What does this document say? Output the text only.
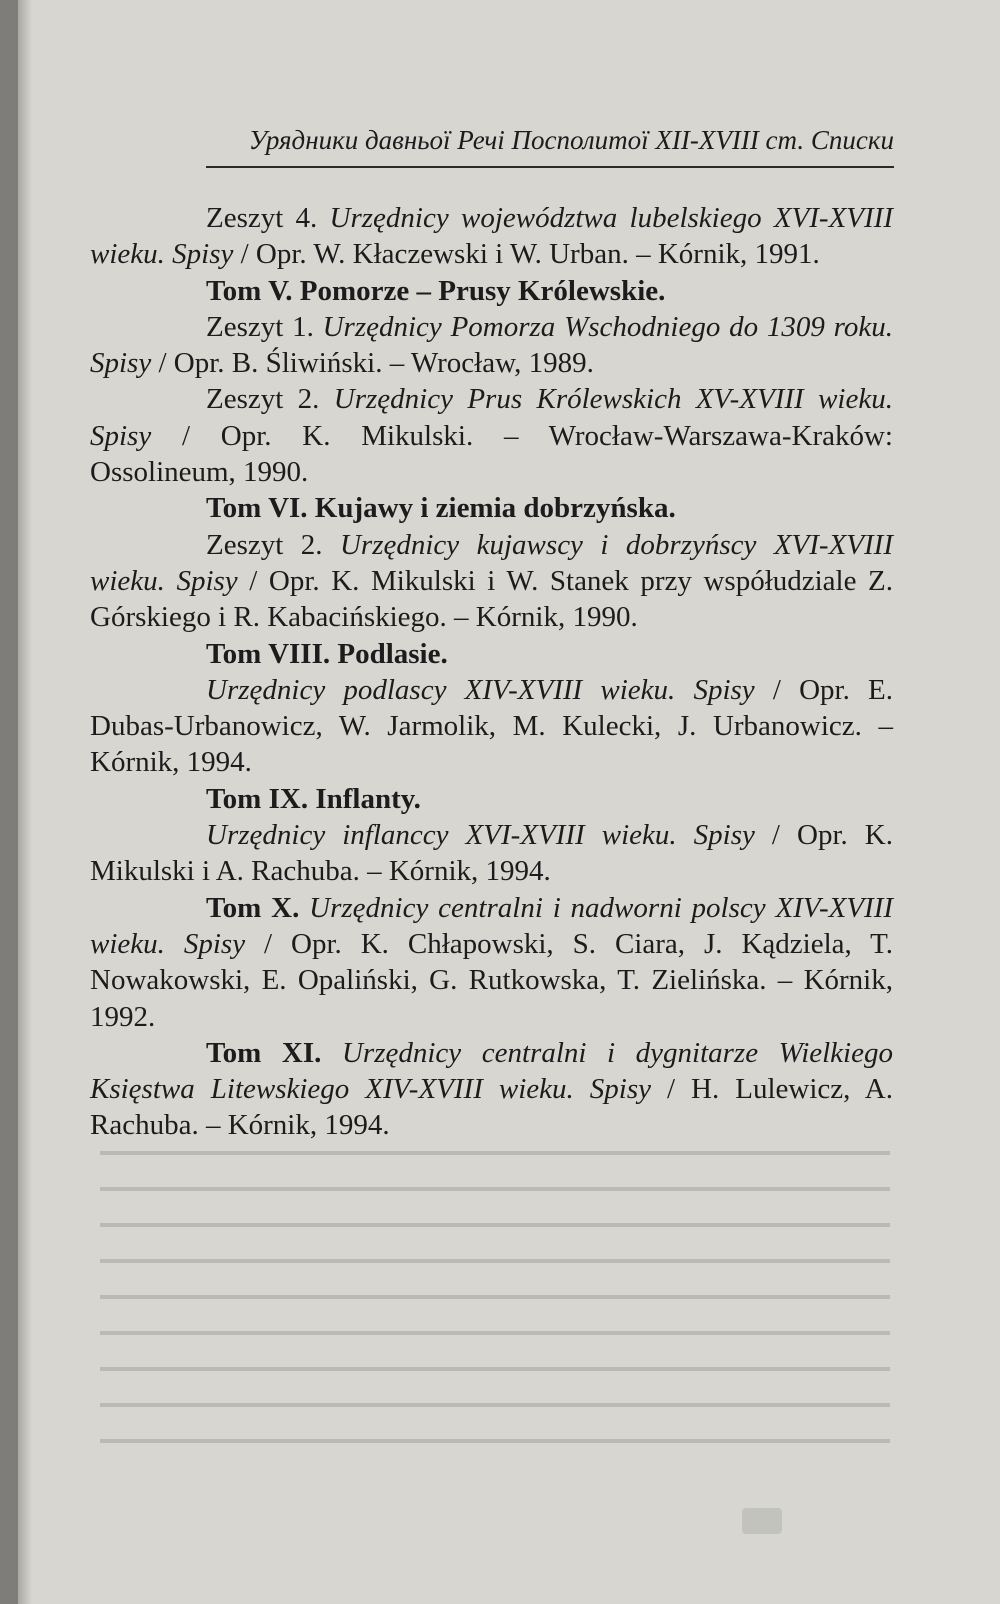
Урядники давньої Речі Посполитої XII-XVIII ст. Списки

Zeszyt 4. Urzędnicy województwa lubelskiego XVI-XVIII wieku. Spisy / Opr. W. Kłaczewski i W. Urban. – Kórnik, 1991.

Tom V. Pomorze – Prusy Królewskie.

Zeszyt 1. Urzędnicy Pomorza Wschodniego do 1309 roku. Spisy / Opr. B. Śliwiński. – Wrocław, 1989.

Zeszyt 2. Urzędnicy Prus Królewskich XV-XVIII wieku. Spisy / Opr. K. Mikulski. – Wrocław-Warszawa-Kraków: Ossolineum, 1990.

Tom VI. Kujawy i ziemia dobrzyńska.

Zeszyt 2. Urzędnicy kujawscy i dobrzyńscy XVI-XVIII wieku. Spisy / Opr. K. Mikulski i W. Stanek przy współudziale Z. Górskiego i R. Kabacińskiego. – Kórnik, 1990.

Tom VIII. Podlasie.

Urzędnicy podlascy XIV-XVIII wieku. Spisy / Opr. E. Dubas-Urbanowicz, W. Jarmolik, M. Kulecki, J. Urbanowicz. – Kórnik, 1994.

Tom IX. Inflanty.

Urzędnicy inflanccy XVI-XVIII wieku. Spisy / Opr. K. Mikulski i A. Rachuba. – Kórnik, 1994.

Tom X. Urzędnicy centralni i nadworni polscy XIV-XVIII wieku. Spisy / Opr. K. Chłapowski, S. Ciara, J. Kądziela, T. Nowakowski, E. Opaliński, G. Rutkowska, T. Zielińska. – Kórnik, 1992.

Tom XI. Urzędnicy centralni i dygnitarze Wielkiego Księstwa Litewskiego XIV-XVIII wieku. Spisy / H. Lulewicz, A. Rachuba. – Kórnik, 1994.
